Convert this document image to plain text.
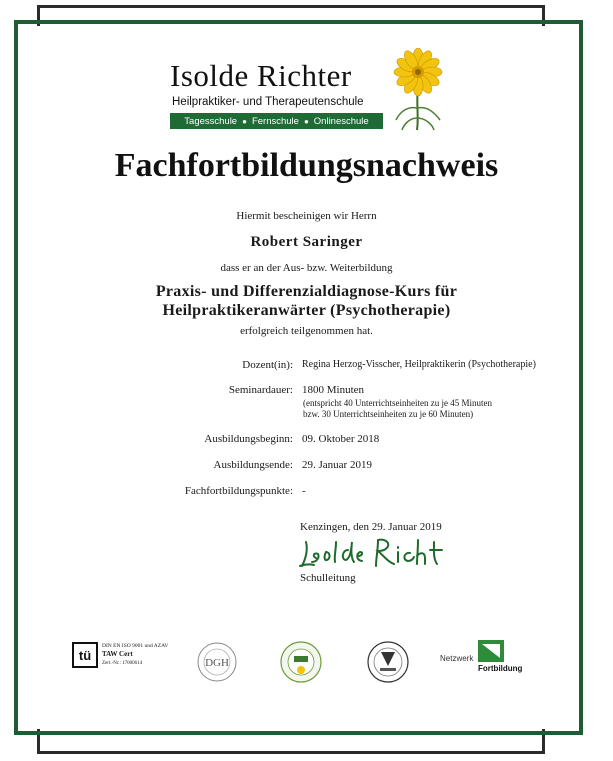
Isolde Richter
Heilpraktiker- und Therapeutenschule
Tagesschule ● Fernschule ● Onlineschule
Fachfortbildungsnachweis
Hiermit bescheinigen wir Herrn
Robert Saringer
dass er an der Aus- bzw. Weiterbildung
Praxis- und Differenzialdiagnose-Kurs für
Heilpraktikeranwärter (Psychotherapie)
erfolgreich teilgenommen hat.
Dozent(in): Regina Herzog-Visscher, Heilpraktikerin (Psychotherapie)
Seminardauer: 1800 Minuten
(entspricht 40 Unterrichtseinheiten zu je 45 Minuten
bzw. 30 Unterrichtseinheiten zu je 60 Minuten)
Ausbildungsbeginn: 09. Oktober 2018
Ausbildungsende: 29. Januar 2019
Fachfortbildungspunkte: -
Kenzingen, den 29. Januar 2019
Schulleitung
tü
DIN EN ISO 9001 und AZAV
TAW Cert
Zert.-Nr.: 17000614	DGH	Netzwerk
Fortbildung
